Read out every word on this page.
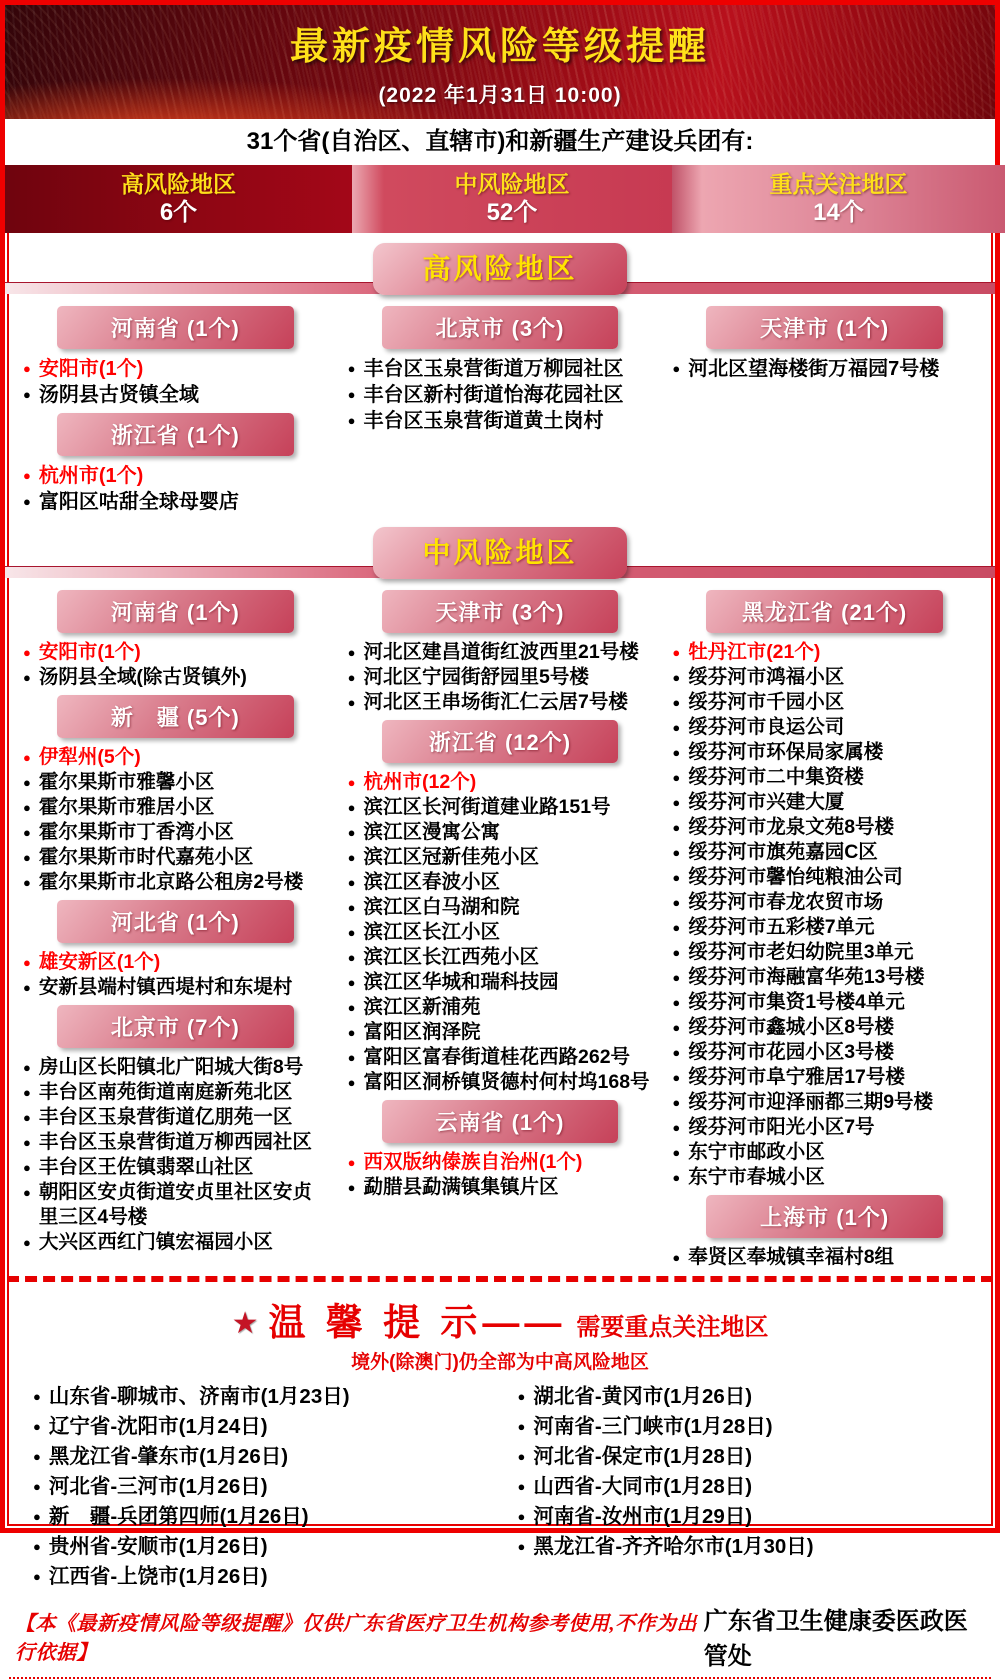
最新疫情风险等级提醒
(2022 年1月31日 10:00)
31个省(自治区、直辖市)和新疆生产建设兵团有:
高风险地区
6个
中风险地区
52个
重点关注地区
14个
高风险地区
河南省 (1个)
● 安阳市(1个)
● 汤阴县古贤镇全域
浙江省 (1个)
● 杭州市(1个)
● 富阳区咕甜全球母婴店
北京市 (3个)
● 丰台区玉泉营街道万柳园社区
● 丰台区新村街道怡海花园社区
● 丰台区玉泉营街道黄土岗村
天津市 (1个)
● 河北区望海楼街万福园7号楼
中风险地区
河南省 (1个)
● 安阳市(1个)
● 汤阴县全域(除古贤镇外)
新　疆 (5个)
● 伊犁州(5个)
● 霍尔果斯市雅馨小区
● 霍尔果斯市雅居小区
● 霍尔果斯市丁香湾小区
● 霍尔果斯市时代嘉苑小区
● 霍尔果斯市北京路公租房2号楼
河北省 (1个)
● 雄安新区(1个)
● 安新县端村镇西堤村和东堤村
北京市 (7个)
● 房山区长阳镇北广阳城大街8号
● 丰台区南苑街道南庭新苑北区
● 丰台区玉泉营街道亿朋苑一区
● 丰台区玉泉营街道万柳西园社区
● 丰台区王佐镇翡翠山社区
● 朝阳区安贞街道安贞里社区安贞里三区4号楼
● 大兴区西红门镇宏福园小区
天津市 (3个)
● 河北区建昌道街红波西里21号楼
● 河北区宁园街舒园里5号楼
● 河北区王串场街汇仁云居7号楼
浙江省 (12个)
● 杭州市(12个)
● 滨江区长河街道建业路151号
● 滨江区漫寓公寓
● 滨江区冠新佳苑小区
● 滨江区春波小区
● 滨江区白马湖和院
● 滨江区长江小区
● 滨江区长江西苑小区
● 滨江区华城和瑞科技园
● 滨江区新浦苑
● 富阳区润泽院
● 富阳区富春街道桂花西路262号
● 富阳区洞桥镇贤德村何村坞168号
云南省 (1个)
● 西双版纳傣族自治州(1个)
● 勐腊县勐满镇集镇片区
黑龙江省 (21个)
● 牡丹江市(21个)
● 绥芬河市鸿福小区
● 绥芬河市千园小区
● 绥芬河市良运公司
● 绥芬河市环保局家属楼
● 绥芬河市二中集资楼
● 绥芬河市兴建大厦
● 绥芬河市龙泉文苑8号楼
● 绥芬河市旗苑嘉园C区
● 绥芬河市馨怡纯粮油公司
● 绥芬河市春龙农贸市场
● 绥芬河市五彩楼7单元
● 绥芬河市老妇幼院里3单元
● 绥芬河市海融富华苑13号楼
● 绥芬河市集资1号楼4单元
● 绥芬河市鑫城小区8号楼
● 绥芬河市花园小区3号楼
● 绥芬河市阜宁雅居17号楼
● 绥芬河市迎泽丽都三期9号楼
● 绥芬河市阳光小区7号
● 东宁市邮政小区
● 东宁市春城小区
上海市 (1个)
● 奉贤区奉城镇幸福村8组
★ 温 馨 提 示—— 需要重点关注地区
境外(除澳门)仍全部为中高风险地区
● 山东省-聊城市、济南市(1月23日)
● 辽宁省-沈阳市(1月24日)
● 黑龙江省-肇东市(1月26日)
● 河北省-三河市(1月26日)
● 新　疆-兵团第四师(1月26日)
● 贵州省-安顺市(1月26日)
● 江西省-上饶市(1月26日)
● 湖北省-黄冈市(1月26日)
● 河南省-三门峡市(1月28日)
● 河北省-保定市(1月28日)
● 山西省-大同市(1月28日)
● 河南省-汝州市(1月29日)
● 黑龙江省-齐齐哈尔市(1月30日)
【本《最新疫情风险等级提醒》仅供广东省医疗卫生机构参考使用,不作为出行依据】
广东省卫生健康委医政医管处
